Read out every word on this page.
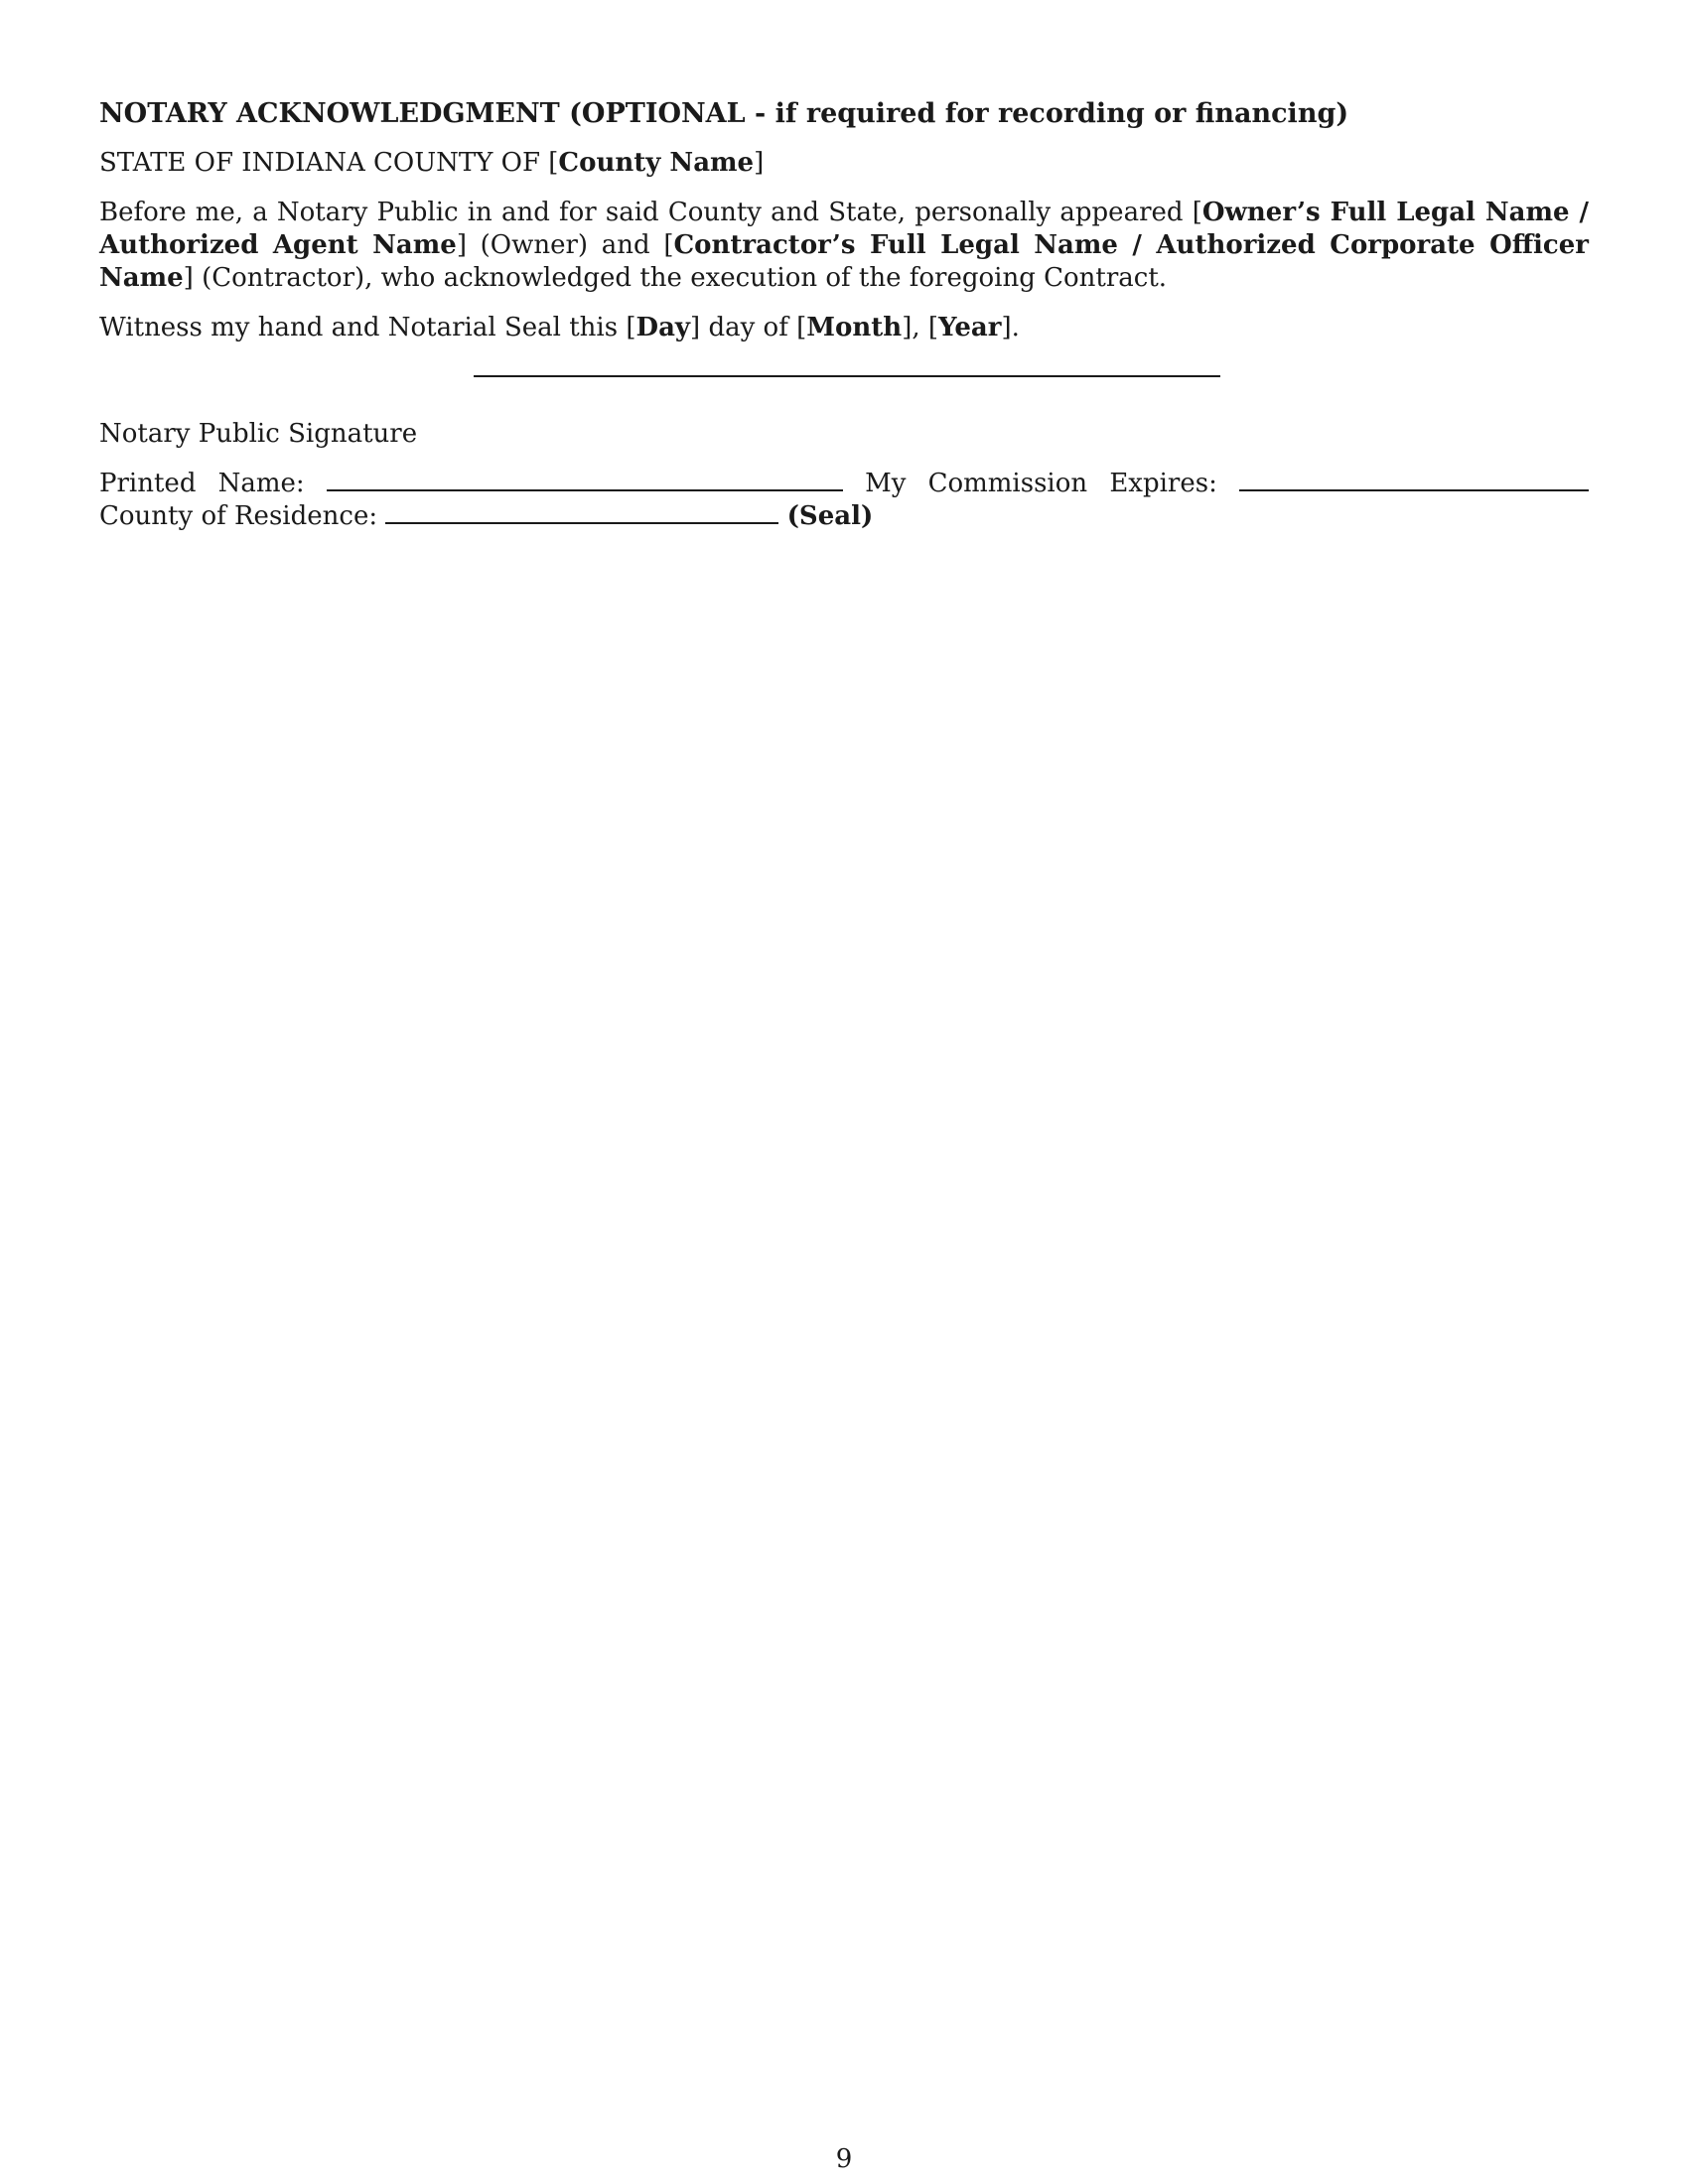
NOTARY ACKNOWLEDGMENT (OPTIONAL - if required for recording or financing)

STATE OF INDIANA COUNTY OF [County Name]

Before me, a Notary Public in and for said County and State, personally appeared [Owner’s Full Legal Name / Authorized Agent Name] (Owner) and [Contractor’s Full Legal Name / Authorized Corporate Officer Name] (Contractor), who acknowledged the execution of the foregoing Contract.

Witness my hand and Notarial Seal this [Day] day of [Month], [Year].

Notary Public Signature

Printed Name:	My Commission Expires:  County of Residence:	(Seal)

9
